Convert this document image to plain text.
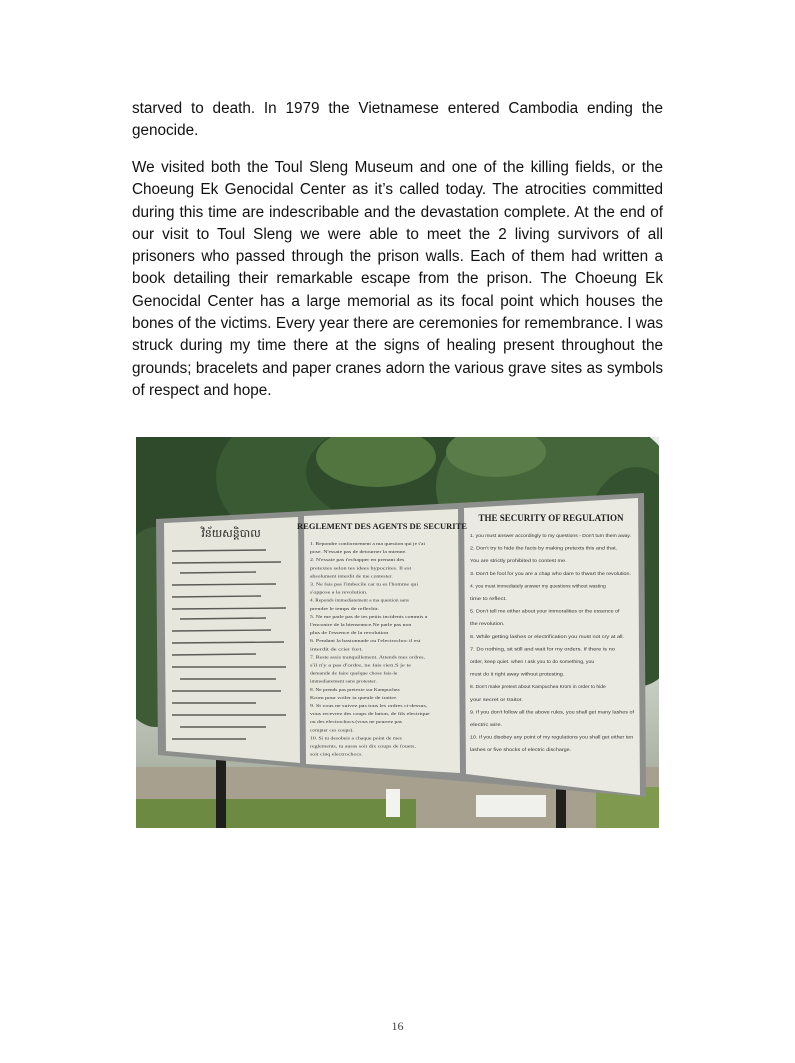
starved to death. In 1979 the Vietnamese entered Cambodia ending the genocide.
We visited both the Toul Sleng Museum and one of the killing fields, or the Choeung Ek Genocidal Center as it’s called today. The atrocities committed during this time are indescribable and the devastation complete. At the end of our visit to Toul Sleng we were able to meet the 2 living survivors of all prisoners who passed through the prison walls. Each of them had written a book detailing their remarkable escape from the prison. The Choeung Ek Genocidal Center has a large memorial as its focal point which houses the bones of the victims. Every year there are ceremonies for remembrance. I was struck during my time there at the signs of healing present throughout the grounds; bracelets and paper cranes adorn the various grave sites as symbols of respect and hope.
វិន័យសន្តិបាល
REGLEMENT DES AGENTS DE SECURITE
1. Repondre conformement a ma question qui je t'ai
pose. N'essaie pas de detourner la mienne.
2. N'essaie pas t'echapper en prenant des
pretextes selon tes idees hypocrites. Il est
absolument interdit de me contester.
3. Ne fais pas l'imbecile car tu es l'homme qui
s'oppose a la revolution.
4. Reponds immediatement a ma question sans
prendre le temps de reflechir.
5. Ne me parle pas de tes petits incidents commis a
l'encontre de la bienseance.Ne parle pas non
plus de l'essence de la revolution
6. Pendant la bastonnade ou l'electrochoc il est
interdit de crier fort.
7. Reste assis tranquillement. Attends mes ordres,
s'il n'y a pas d'ordre, ne fais rien.S je te
demande de faire quelque chose fais-le
immediatement sans protester.
8. Ne prends pas pretexte sur Kampuchea
Krom pour voiler ta queule de traitre.
9. Si vous ne suivez pas tous les ordres ci-dessus,
vous recevrez des coups de baton, de fils electrique
ou des electrochocs.(vous ne pourrez pas
compter ces coups).
10. Si tu desobeis a chaque point de mes
reglements, tu auras soit dix coups de fouets,
soit cinq electrochocs.
THE SECURITY OF REGULATION
1. you must answer accordingly to my questions - Don't turn them away.
2. Don't try to hide the facts by making pretexts this and that.
You are strictly prohibited to contest me.
3. Don't be fool for you are a chap who dare to thwart the revolution.
4. you must immediately answer my questions without wasting
time to reflect.
5. Don't tell me either about your immoralities or the essence of
the revolution.
6. While getting lashes or electrification you must not cry at all.
7. Do nothing, sit still and wait for my orders. If there is no
order, keep quiet. when I ask you to do something, you
must do it right away without protesting.
8. Don't make pretext about Kampuchea Krom in order to hide
your secret or traitor.
9. If you don't follow all the above rules, you shall get many lashes of
electric wire.
10. If you disobey any point of my regulations you shall get either ten
lashes or five shocks of electric discharge.
16
